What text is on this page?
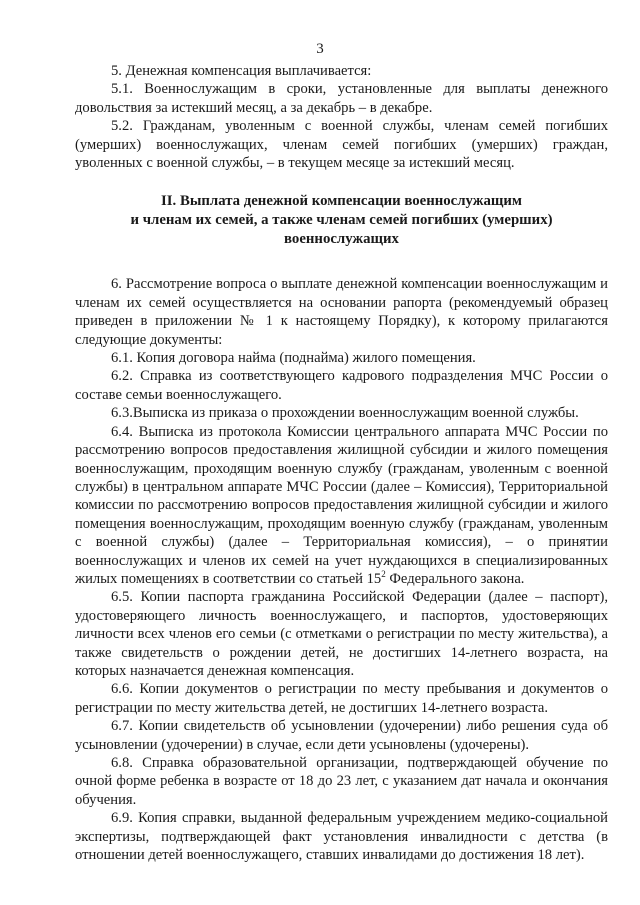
3

5. Денежная компенсация выплачивается:

5.1. Военнослужащим в сроки, установленные для выплаты денежного довольствия за истекший месяц, а за декабрь – в декабре.

5.2. Гражданам, уволенным с военной службы, членам семей погибших (умерших) военнослужащих, членам семей погибших (умерших) граждан, уволенных с военной службы, – в текущем месяце за истекший месяц.

II. Выплата денежной компенсации военнослужащим
и членам их семей, а также членам семей погибших (умерших)
военнослужащих

6. Рассмотрение вопроса о выплате денежной компенсации военнослужащим и членам их семей осуществляется на основании рапорта (рекомендуемый образец приведен в приложении № 1 к настоящему Порядку), к которому прилагаются следующие документы:

6.1. Копия договора найма (поднайма) жилого помещения.

6.2. Справка из соответствующего кадрового подразделения МЧС России о составе семьи военнослужащего.

6.3.Выписка из приказа о прохождении военнослужащим военной службы.

6.4. Выписка из протокола Комиссии центрального аппарата МЧС России по рассмотрению вопросов предоставления жилищной субсидии и жилого помещения военнослужащим, проходящим военную службу (гражданам, уволенным с военной службы) в центральном аппарате МЧС России (далее – Комиссия), Территориальной комиссии по рассмотрению вопросов предоставления жилищной субсидии и жилого помещения военнослужащим, проходящим военную службу (гражданам, уволенным с военной службы) (далее – Территориальная комиссия), – о принятии военнослужащих и членов их семей на учет нуждающихся в специализированных жилых помещениях в соответствии со статьей $15^2$ Федерального закона.

6.5. Копии паспорта гражданина Российской Федерации (далее – паспорт), удостоверяющего личность военнослужащего, и паспортов, удостоверяющих личности всех членов его семьи (с отметками о регистрации по месту жительства), а также свидетельств о рождении детей, не достигших 14-летнего возраста, на которых назначается денежная компенсация.

6.6. Копии документов о регистрации по месту пребывания и документов о регистрации по месту жительства детей, не достигших 14-летнего возраста.

6.7. Копии свидетельств об усыновлении (удочерении) либо решения суда об усыновлении (удочерении) в случае, если дети усыновлены (удочерены).

6.8. Справка образовательной организации, подтверждающей обучение по очной форме ребенка в возрасте от 18 до 23 лет, с указанием дат начала и окончания обучения.

6.9. Копия справки, выданной федеральным учреждением медико-социальной экспертизы, подтверждающей факт установления инвалидности с детства (в отношении детей военнослужащего, ставших инвалидами до достижения 18 лет).
